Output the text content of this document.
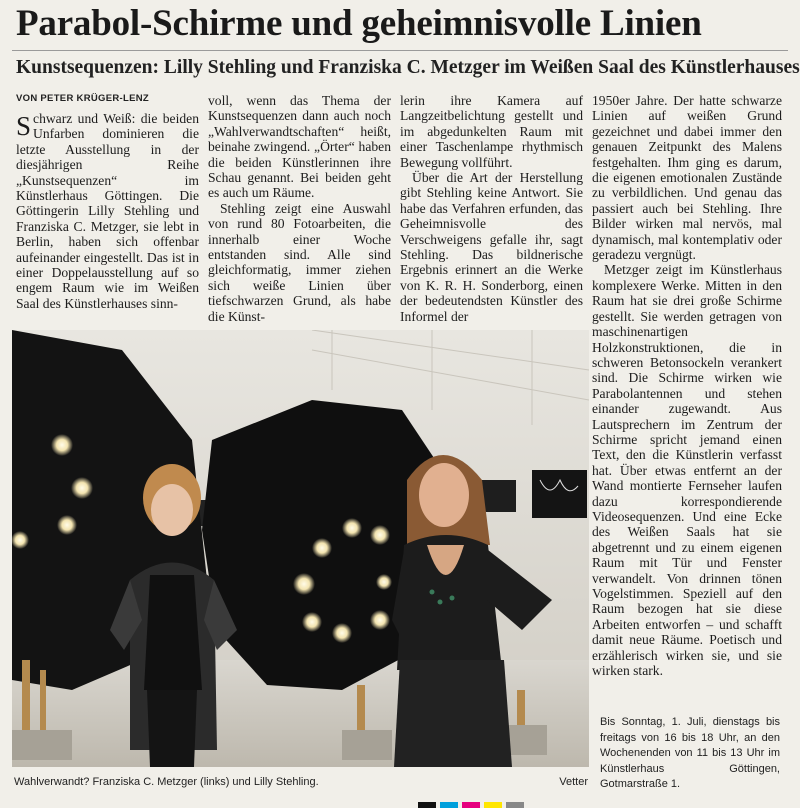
Parabol-Schirme und geheimnisvolle Linien
Kunstsequenzen: Lilly Stehling und Franziska C. Metzger im Weißen Saal des Künstlerhauses
VON PETER KRÜGER-LENZ

Schwarz und Weiß: die beiden Unfarben dominieren die letzte Ausstellung in der diesjährigen Reihe „Kunstsequenzen“ im Künstlerhaus Göttingen. Die Göttingerin Lilly Stehling und Franziska C. Metzger, sie lebt in Berlin, haben sich offenbar aufeinander eingestellt. Das ist in einer Doppelausstellung auf so engem Raum wie im Weißen Saal des Künstlerhauses sinn-

voll, wenn das Thema der Kunstsequenzen dann auch noch „Wahlverwandtschaften“ heißt, beinahe zwingend. „Örter“ haben die beiden Künstlerinnen ihre Schau genannt. Bei beiden geht es auch um Räume.

Stehling zeigt eine Auswahl von rund 80 Fotoarbeiten, die innerhalb einer Woche entstanden sind. Alle sind gleichformatig, immer ziehen sich weiße Linien über tiefschwarzen Grund, als habe die Künst-

lerin ihre Kamera auf Langzeitbelichtung gestellt und im abgedunkelten Raum mit einer Taschenlampe rhythmisch Bewegung vollführt.

Über die Art der Herstellung gibt Stehling keine Antwort. Sie habe das Verfahren erfunden, das Geheimnisvolle des Verschweigens gefalle ihr, sagt Stehling. Das bildnerische Ergebnis erinnert an die Werke von K. R. H. Sonderborg, einen der bedeutendsten Künstler des Informel der

1950er Jahre. Der hatte schwarze Linien auf weißen Grund gezeichnet und dabei immer den genauen Zeitpunkt des Malens festgehalten. Ihm ging es darum, die eigenen emotionalen Zustände zu verbildlichen. Und genau das passiert auch bei Stehling. Ihre Bilder wirken mal nervös, mal dynamisch, mal kontemplativ oder geradezu vergnügt.

Metzger zeigt im Künstlerhaus komplexere Werke. Mitten in den Raum hat sie drei große Schirme gestellt. Sie werden getragen von maschinenartigen Holzkonstruktionen, die in schweren Betonsockeln verankert sind. Die Schirme wirken wie Parabolantennen und stehen einander zugewandt. Aus Lautsprechern im Zentrum der Schirme spricht jemand einen Text, den die Künstlerin verfasst hat. Über etwas entfernt an der Wand montierte Fernseher laufen dazu korrespondierende Videosequenzen. Und eine Ecke des Weißen Saals hat sie abgetrennt und zu einem eigenen Raum mit Tür und Fenster verwandelt. Von drinnen tönen Vogelstimmen. Speziell auf den Raum bezogen hat sie diese Arbeiten entworfen – und schafft damit neue Räume. Poetisch und erzählerisch wirken sie, und sie wirken stark.

Wahlverwandt? Franziska C. Metzger (links) und Lilly Stehling.	Vetter
Bis Sonntag, 1. Juli, dienstags bis freitags von 16 bis 18 Uhr, an den Wochenenden von 11 bis 13 Uhr im Künstlerhaus Göttingen, Gotmarstraße 1.
